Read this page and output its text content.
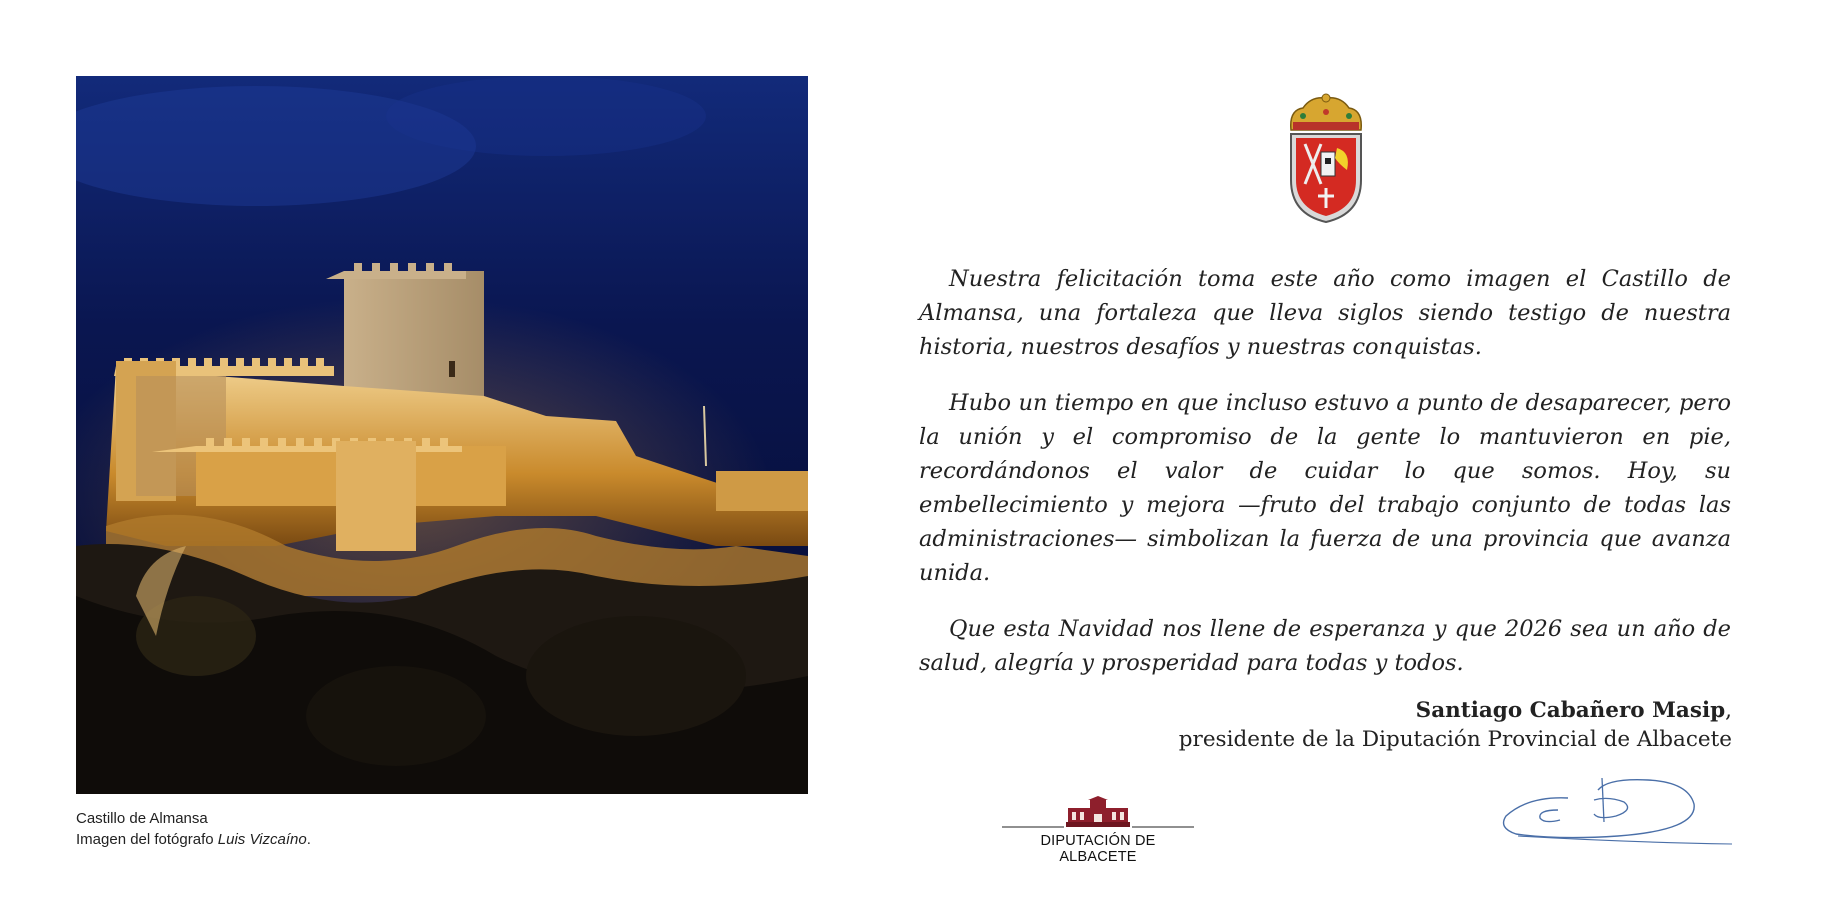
Castillo de Almansa
Imagen del fotógrafo Luis Vizcaíno.

Nuestra felicitación toma este año como imagen el Castillo de Almansa, una fortaleza que lleva siglos siendo testigo de nuestra historia, nuestros desafíos y nuestras conquistas.

Hubo un tiempo en que incluso estuvo a punto de desaparecer, pero la unión y el compromiso de la gente lo mantuvieron en pie, recordándonos el valor de cuidar lo que somos. Hoy, su embellecimiento y mejora —fruto del trabajo conjunto de todas las administraciones— simbolizan la fuerza de una provincia que avanza unida.

Que esta Navidad nos llene de esperanza y que 2026 sea un año de salud, alegría y prosperidad para todas y todos.

Santiago Cabañero Masip,
presidente de la Diputación Provincial de Albacete
DIPUTACIÓN DE ALBACETE
